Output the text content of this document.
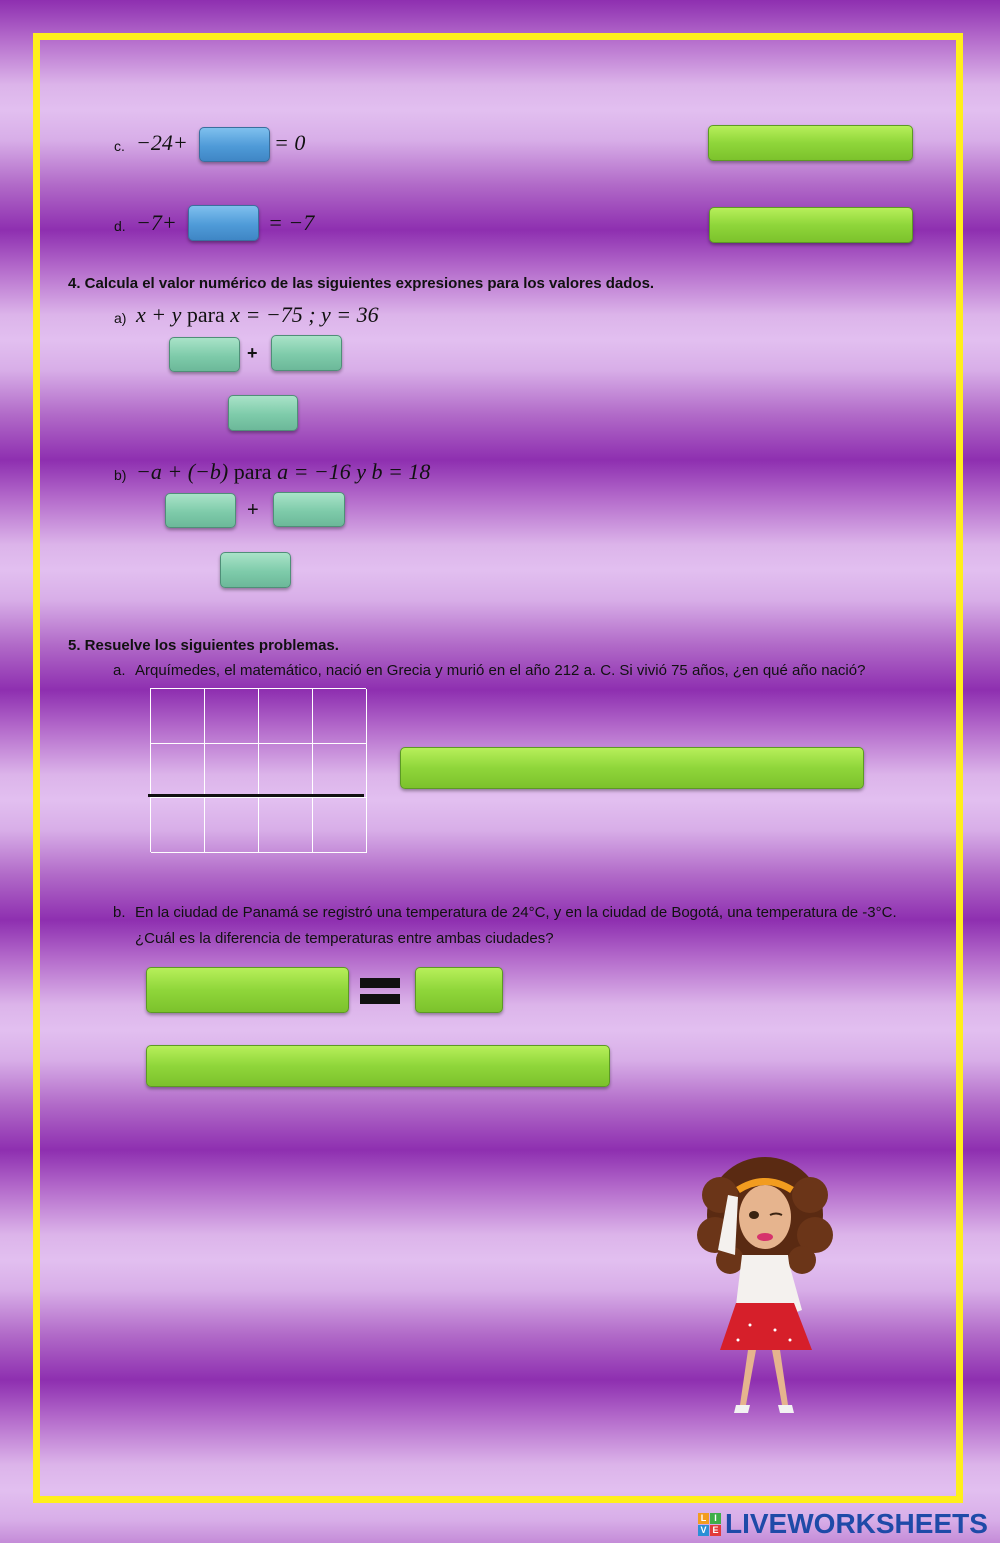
c. −24+	= 0
d. −7+	= −7
4. Calcula el valor numérico de las siguientes expresiones para los valores dados.
a) x + y para x = −75 ; y = 36
+
b) −a + (−b) para a = −16 y b = 18
+
5. Resuelve los siguientes problemas.
a. Arquímedes, el matemático, nació en Grecia y murió en el año 212 a. C. Si vivió 75 años, ¿en qué año nació?
b. En la ciudad de Panamá se registró una temperatura de 24°C, y en la ciudad de Bogotá, una temperatura de -3°C.
¿Cuál es la diferencia de temperaturas entre ambas ciudades?
L I
V E LIVEWORKSHEETS
